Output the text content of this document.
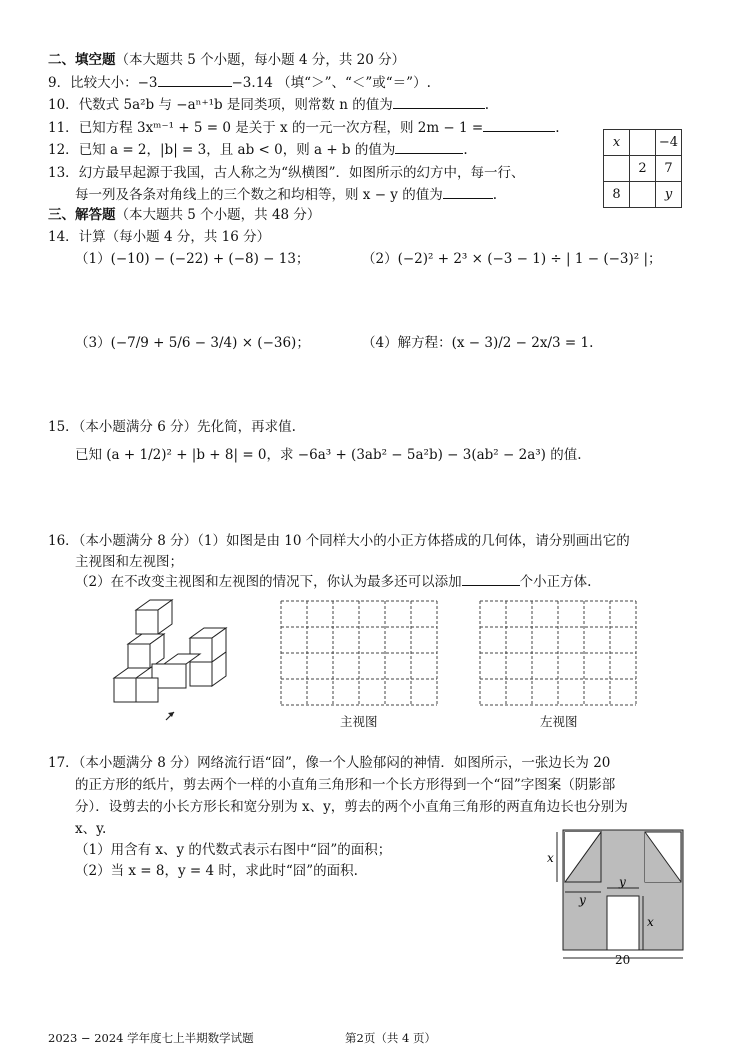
二、填空题（本大题共 5 个小题，每小题 4 分，共 20 分）
9．比较大小：−3	−3.14 （填“＞”、“＜”或“＝”）.
10．代数式 5a²b 与 −aⁿ⁺¹b 是同类项，则常数 n 的值为	.
11．已知方程 3xᵐ⁻¹ + 5 = 0 是关于 x 的一元一次方程，则 2m − 1 =	.
12．已知 a = 2，|b| = 3，且 ab < 0，则 a + b 的值为	.
13．幻方最早起源于我国，古人称之为“纵横图”．如图所示的幻方中，每一行、
每一列及各条对角线上的三个数之和均相等，则 x − y 的值为	.
x		−4
	2	7
8		y
三、解答题（本大题共 5 个小题，共 48 分）
14．计算（每小题 4 分，共 16 分）
（1）(−10) − (−22) + (−8) − 13；	（2）(−2)² + 2³ × (−3 − 1) ÷ | 1 − (−3)² |；
（3）(−7/9 + 5/6 − 3/4) × (−36)；	（4）解方程：(x − 3)/2 − 2x/3 = 1.
15．（本小题满分 6 分）先化简，再求值.
已知 (a + 1/2)² + |b + 8| = 0，求 −6a³ + (3ab² − 5a²b) − 3(ab² − 2a³) 的值.
16．（本小题满分 8 分）（1）如图是由 10 个同样大小的小正方体搭成的几何体，请分别画出它的
主视图和左视图；
（2）在不改变主视图和左视图的情况下，你认为最多还可以添加	个小正方体.
主视图	左视图
17．（本小题满分 8 分）网络流行语“囧”，像一个人脸郁闷的神情．如图所示，一张边长为 20
的正方形的纸片，剪去两个一样的小直角三角形和一个长方形得到一个“囧”字图案（阴影部
分）．设剪去的小长方形长和宽分别为 x、y，剪去的两个小直角三角形的两直角边长也分别为
x、y.
（1）用含有 x、y 的代数式表示右图中“囧”的面积；
（2）当 x = 8，y = 4 时，求此时“囧”的面积.
x
y
y
x
20
2023 − 2024 学年度七上半期数学试题	第2页（共 4 页）
